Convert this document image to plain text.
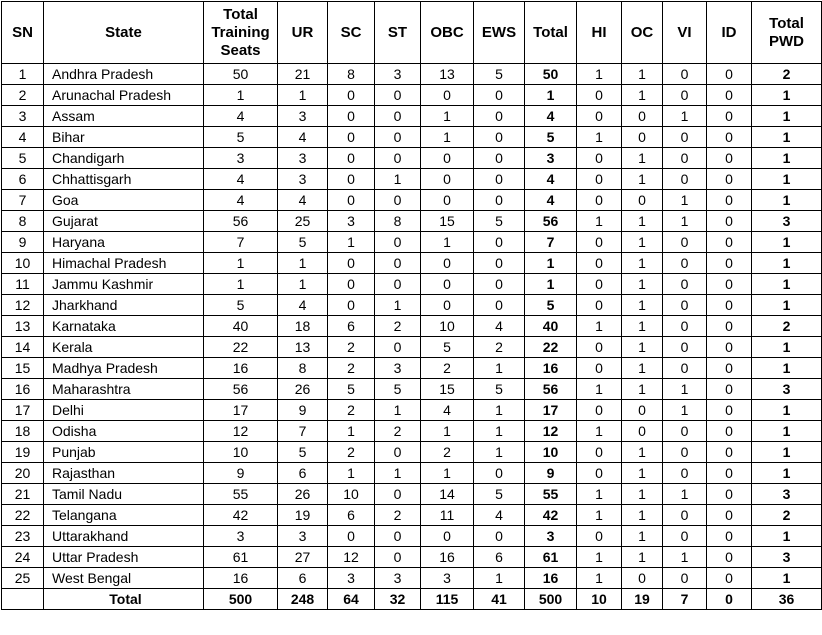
SN	State	Total Training Seats	UR	SC	ST	OBC	EWS	Total	HI	OC	VI	ID	Total PWD
1	Andhra Pradesh	50	21	8	3	13	5	50	1	1	0	0	2
2	Arunachal Pradesh	1	1	0	0	0	0	1	0	1	0	0	1
3	Assam	4	3	0	0	1	0	4	0	0	1	0	1
4	Bihar	5	4	0	0	1	0	5	1	0	0	0	1
5	Chandigarh	3	3	0	0	0	0	3	0	1	0	0	1
6	Chhattisgarh	4	3	0	1	0	0	4	0	1	0	0	1
7	Goa	4	4	0	0	0	0	4	0	0	1	0	1
8	Gujarat	56	25	3	8	15	5	56	1	1	1	0	3
9	Haryana	7	5	1	0	1	0	7	0	1	0	0	1
10	Himachal Pradesh	1	1	0	0	0	0	1	0	1	0	0	1
11	Jammu Kashmir	1	1	0	0	0	0	1	0	1	0	0	1
12	Jharkhand	5	4	0	1	0	0	5	0	1	0	0	1
13	Karnataka	40	18	6	2	10	4	40	1	1	0	0	2
14	Kerala	22	13	2	0	5	2	22	0	1	0	0	1
15	Madhya Pradesh	16	8	2	3	2	1	16	0	1	0	0	1
16	Maharashtra	56	26	5	5	15	5	56	1	1	1	0	3
17	Delhi	17	9	2	1	4	1	17	0	0	1	0	1
18	Odisha	12	7	1	2	1	1	12	1	0	0	0	1
19	Punjab	10	5	2	0	2	1	10	0	1	0	0	1
20	Rajasthan	9	6	1	1	1	0	9	0	1	0	0	1
21	Tamil Nadu	55	26	10	0	14	5	55	1	1	1	0	3
22	Telangana	42	19	6	2	11	4	42	1	1	0	0	2
23	Uttarakhand	3	3	0	0	0	0	3	0	1	0	0	1
24	Uttar Pradesh	61	27	12	0	16	6	61	1	1	1	0	3
25	West Bengal	16	6	3	3	3	1	16	1	0	0	0	1
	Total	500	248	64	32	115	41	500	10	19	7	0	36
